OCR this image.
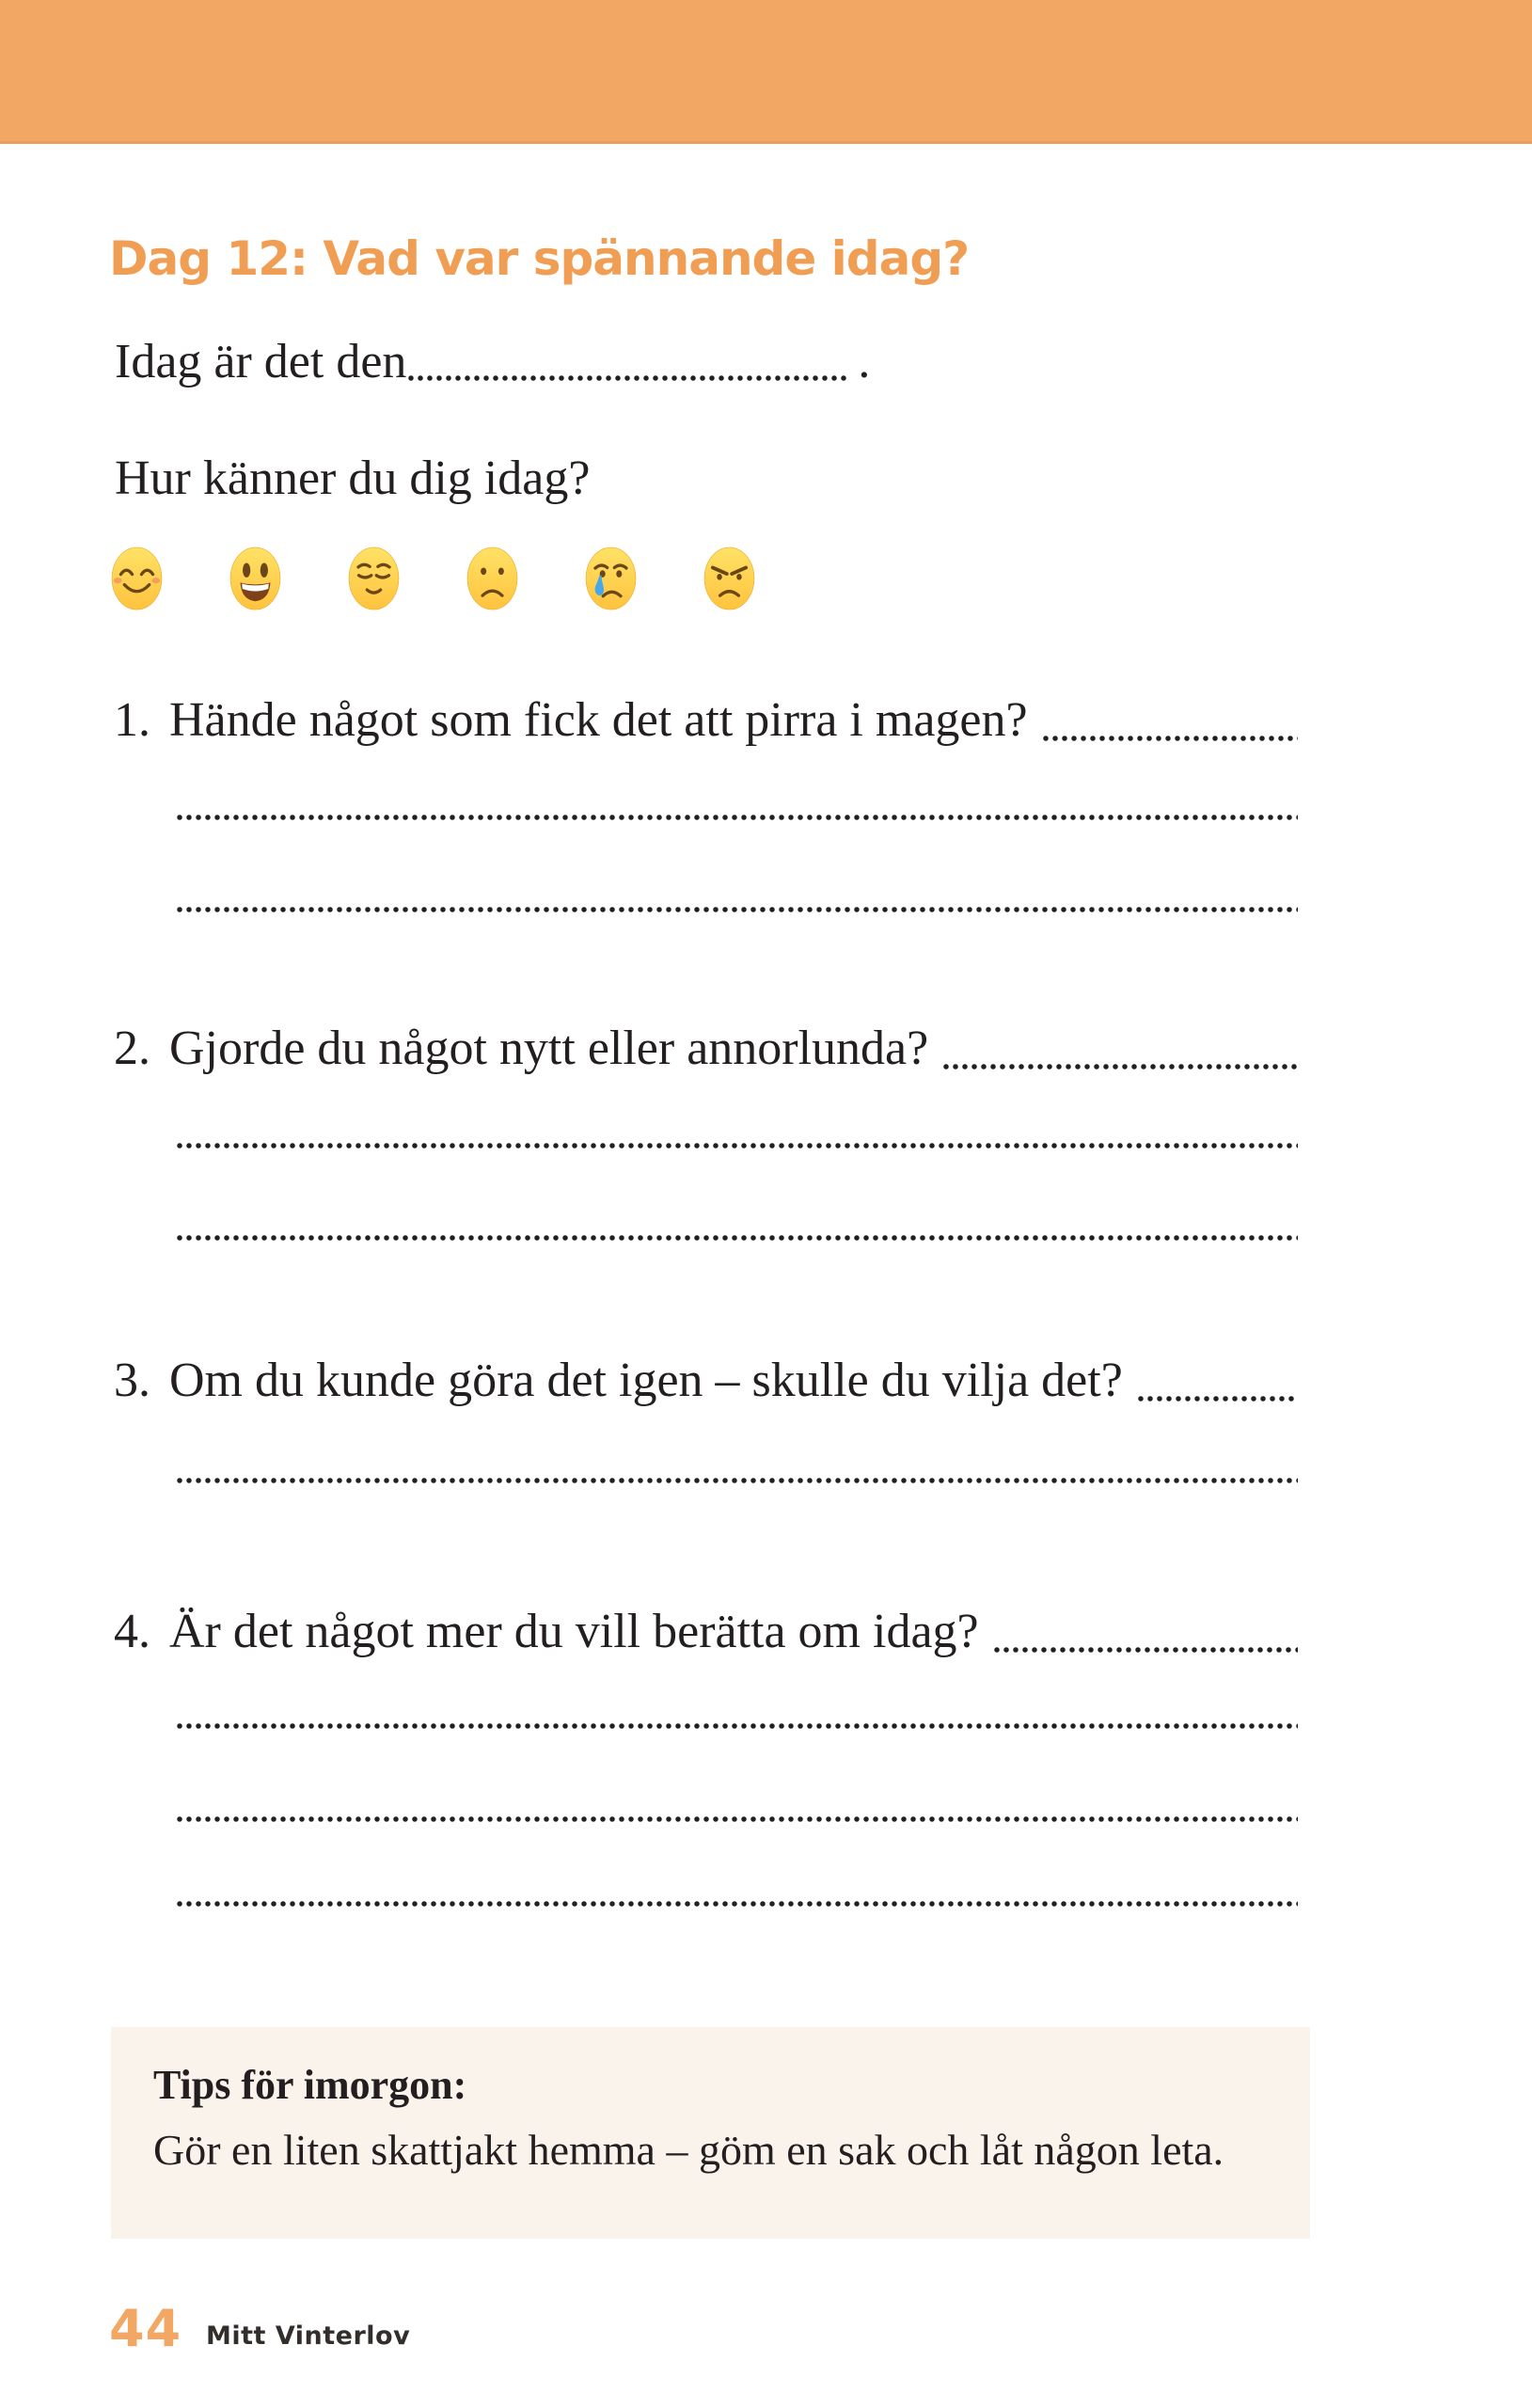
Dag 12: Vad var spännande idag?
Idag är det den	.
Hur känner du dig idag?
1. Hände något som fick det att pirra i magen?
2. Gjorde du något nytt eller annorlunda?
3. Om du kunde göra det igen – skulle du vilja det?
4. Är det något mer du vill berätta om idag?
Tips för imorgon:
Gör en liten skattjakt hemma – göm en sak och låt någon leta.
44 Mitt Vinterlov
